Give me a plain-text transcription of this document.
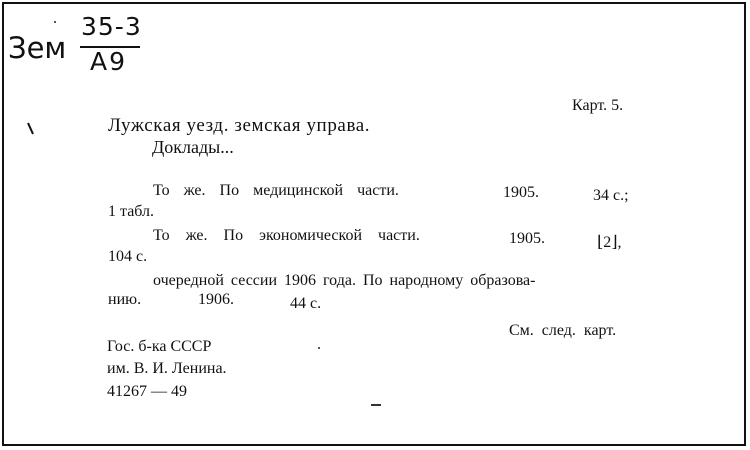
Зем
35-3
A9
Карт. 5.
Лужская уезд. земская управа.
Доклады...
То же. По медицинской части.	1905.	34 с.;
1 табл.
То же. По экономической части.	1905.	⌊2⌋,
104 с.
очередной сессии 1906 года. По народному образова-
нию.	1906.	44 с.
См. след. карт.
Гос. б-ка СССР
им. В. И. Ленина.
41267 — 49
